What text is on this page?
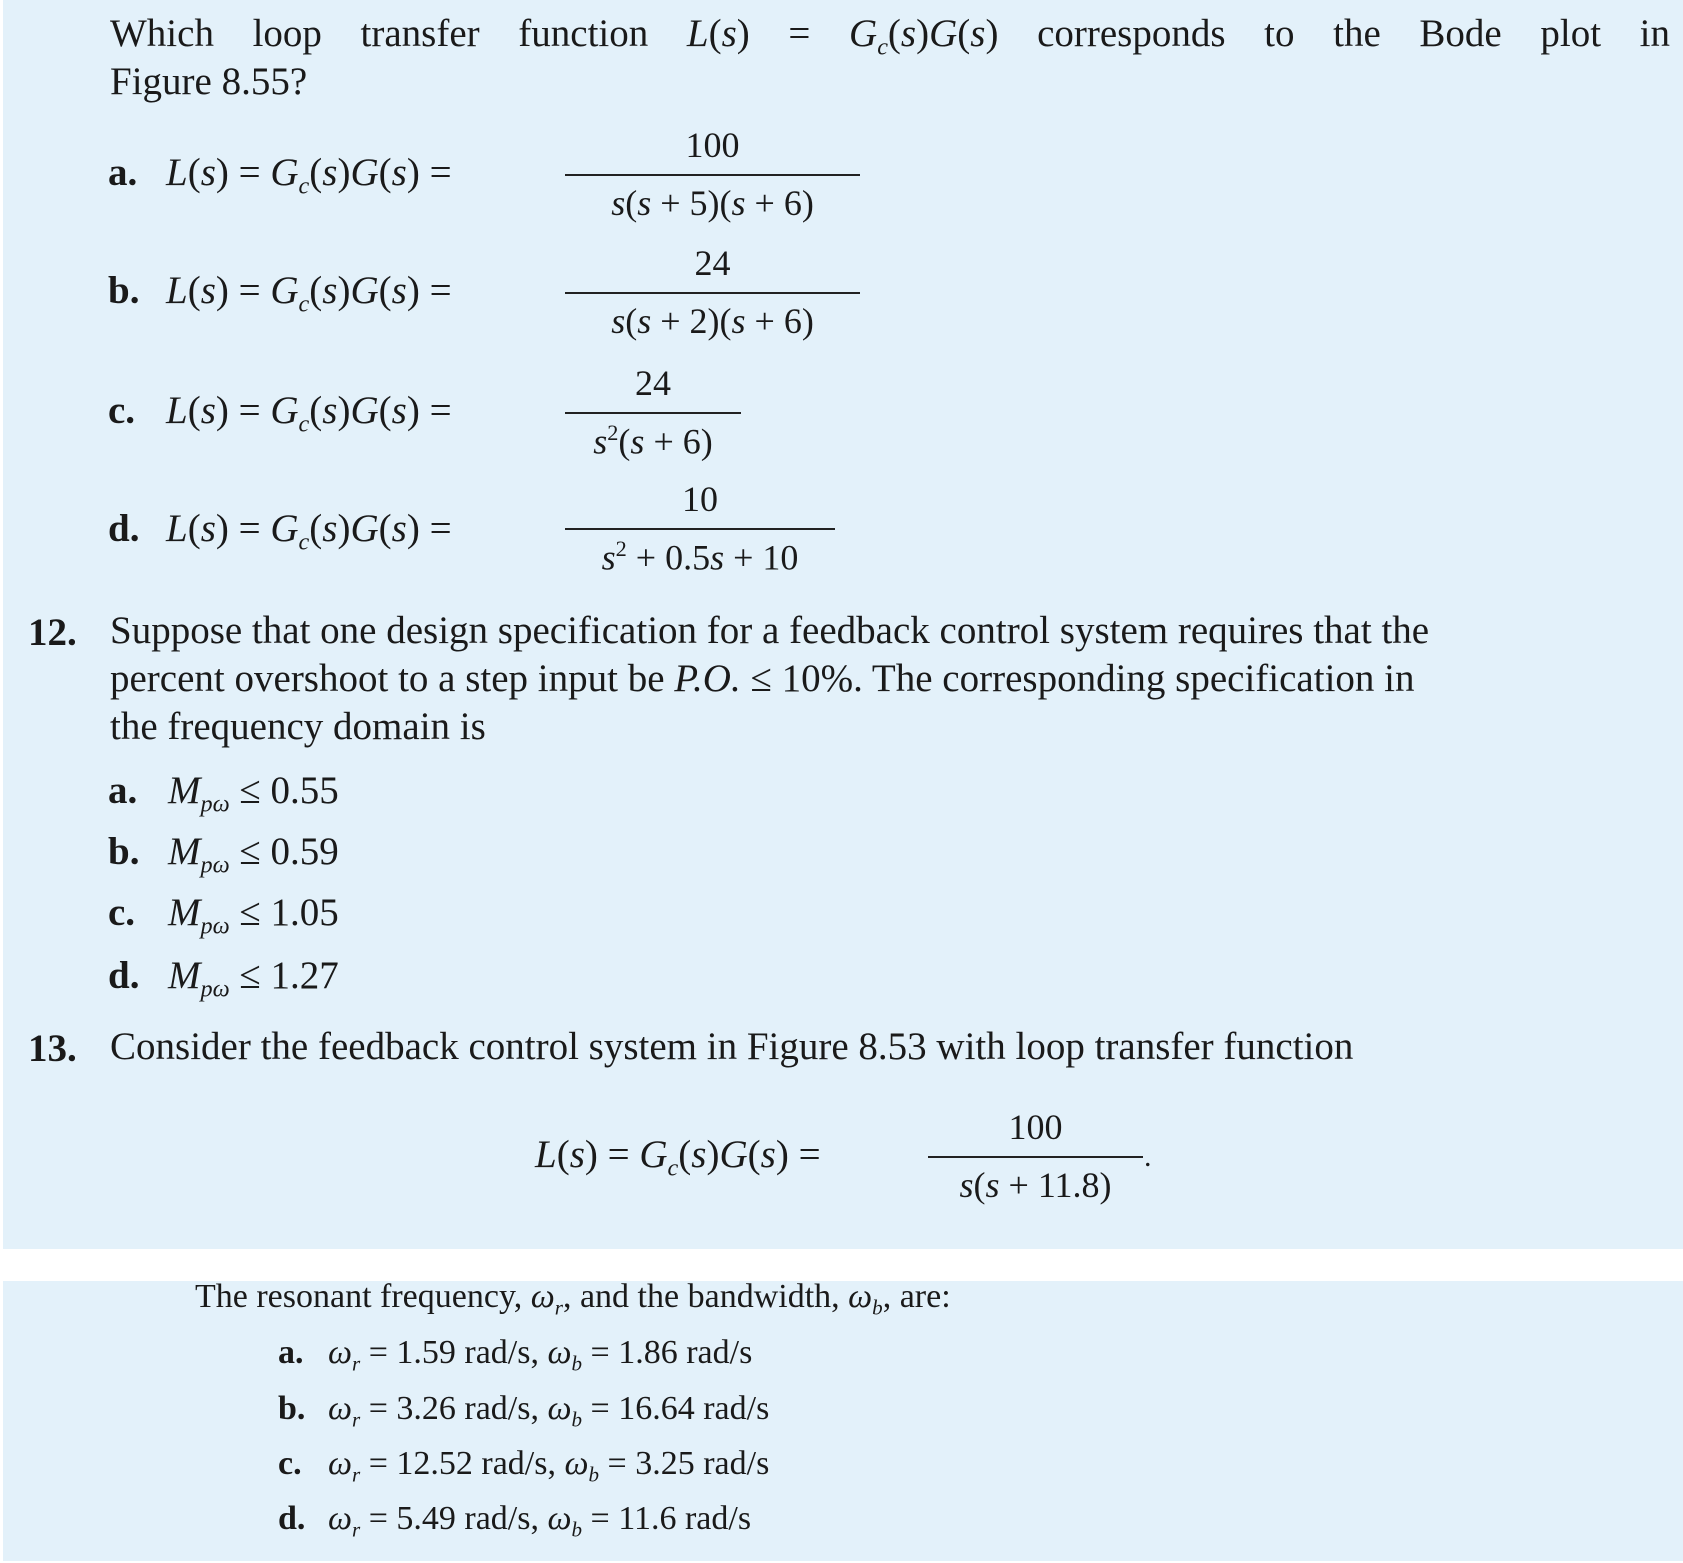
Which loop transfer function $L(s) = G_c(s)G(s)$ corresponds to the Bode plot in
Figure 8.55?
a. $L(s) = G_c(s)G(s)$ =
100
s(s + 5)(s + 6)
b. $L(s) = G_c(s)G(s)$ =
24
s(s + 2)(s + 6)
c. $L(s) = G_c(s)G(s)$ =
24
$s^2(s + 6)$
d. $L(s) = G_c(s)G(s)$ =
10
$s^2 + 0.5s + 10$
12. Suppose that one design specification for a feedback control system requires that the
percent overshoot to a step input be P.O. ≤ 10%. The corresponding specification in
the frequency domain is
a. $M_{p\omega} \le 0.55$
b. $M_{p\omega} \le 0.59$
c. $M_{p\omega} \le 1.05$
d. $M_{p\omega} \le 1.27$
13. Consider the feedback control system in Figure 8.53 with loop transfer function
$L(s) = G_c(s)G(s)$ =
100
s(s + 11.8)
.
The resonant frequency, $\omega_r$, and the bandwidth, $\omega_b$, are:
a. $\omega_r = 1.59$ rad/s, $\omega_b = 1.86$ rad/s
b. $\omega_r = 3.26$ rad/s, $\omega_b = 16.64$ rad/s
c. $\omega_r = 12.52$ rad/s, $\omega_b = 3.25$ rad/s
d. $\omega_r = 5.49$ rad/s, $\omega_b = 11.6$ rad/s
